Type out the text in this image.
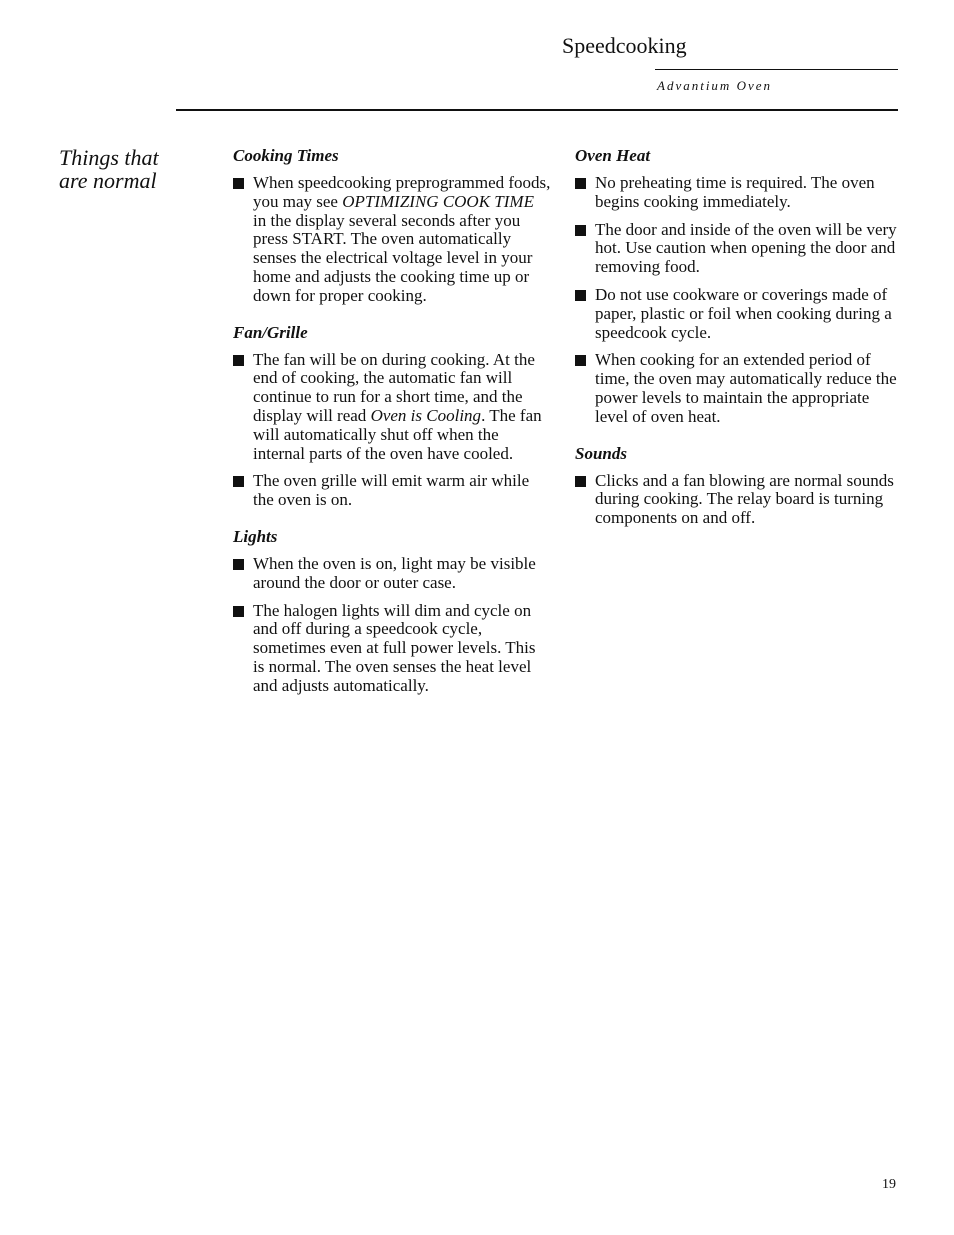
Speedcooking
Advantium Oven
Things that
are normal
Cooking Times
When speedcooking preprogrammed foods, you may see OPTIMIZING COOK TIME in the display several seconds after you press START. The oven automatically senses the electrical voltage level in your home and adjusts the cooking time up or down for proper cooking.
Fan/Grille
The fan will be on during cooking. At the end of cooking, the automatic fan will continue to run for a short time, and the display will read Oven is Cooling. The fan will automatically shut off when the internal parts of the oven have cooled.
The oven grille will emit warm air while the oven is on.
Lights
When the oven is on, light may be visible around the door or outer case.
The halogen lights will dim and cycle on and off during a speedcook cycle, sometimes even at full power levels. This is normal. The oven senses the heat level and adjusts automatically.
Oven Heat
No preheating time is required. The oven begins cooking immediately.
The door and inside of the oven will be very hot. Use caution when opening the door and removing food.
Do not use cookware or coverings made of paper, plastic or foil when cooking during a speedcook cycle.
When cooking for an extended period of time, the oven may automatically reduce the power levels to maintain the appropriate level of oven heat.
Sounds
Clicks and a fan blowing are normal sounds during cooking. The relay board is turning components on and off.
19
